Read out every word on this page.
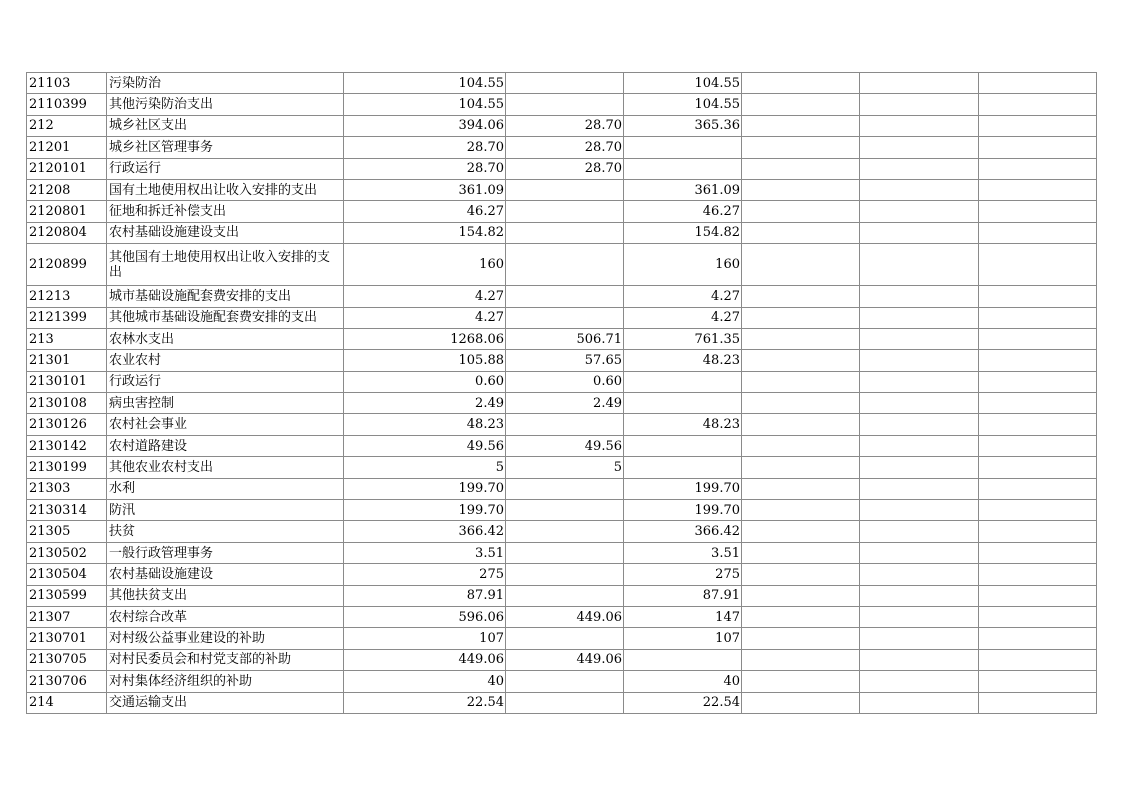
21103	污染防治	104.55		104.55			
2110399	其他污染防治支出	104.55		104.55			
212	城乡社区支出	394.06	28.70	365.36			
21201	城乡社区管理事务	28.70	28.70				
2120101	行政运行	28.70	28.70				
21208	国有土地使用权出让收入安排的支出	361.09		361.09			
2120801	征地和拆迁补偿支出	46.27		46.27			
2120804	农村基础设施建设支出	154.82		154.82			
2120899	其他国有土地使用权出让收入安排的支出	160		160			
21213	城市基础设施配套费安排的支出	4.27		4.27			
2121399	其他城市基础设施配套费安排的支出	4.27		4.27			
213	农林水支出	1268.06	506.71	761.35			
21301	农业农村	105.88	57.65	48.23			
2130101	行政运行	0.60	0.60				
2130108	病虫害控制	2.49	2.49				
2130126	农村社会事业	48.23		48.23			
2130142	农村道路建设	49.56	49.56				
2130199	其他农业农村支出	5	5				
21303	水利	199.70		199.70			
2130314	防汛	199.70		199.70			
21305	扶贫	366.42		366.42			
2130502	一般行政管理事务	3.51		3.51			
2130504	农村基础设施建设	275		275			
2130599	其他扶贫支出	87.91		87.91			
21307	农村综合改革	596.06	449.06	147			
2130701	对村级公益事业建设的补助	107		107			
2130705	对村民委员会和村党支部的补助	449.06	449.06				
2130706	对村集体经济组织的补助	40		40			
214	交通运输支出	22.54		22.54			
